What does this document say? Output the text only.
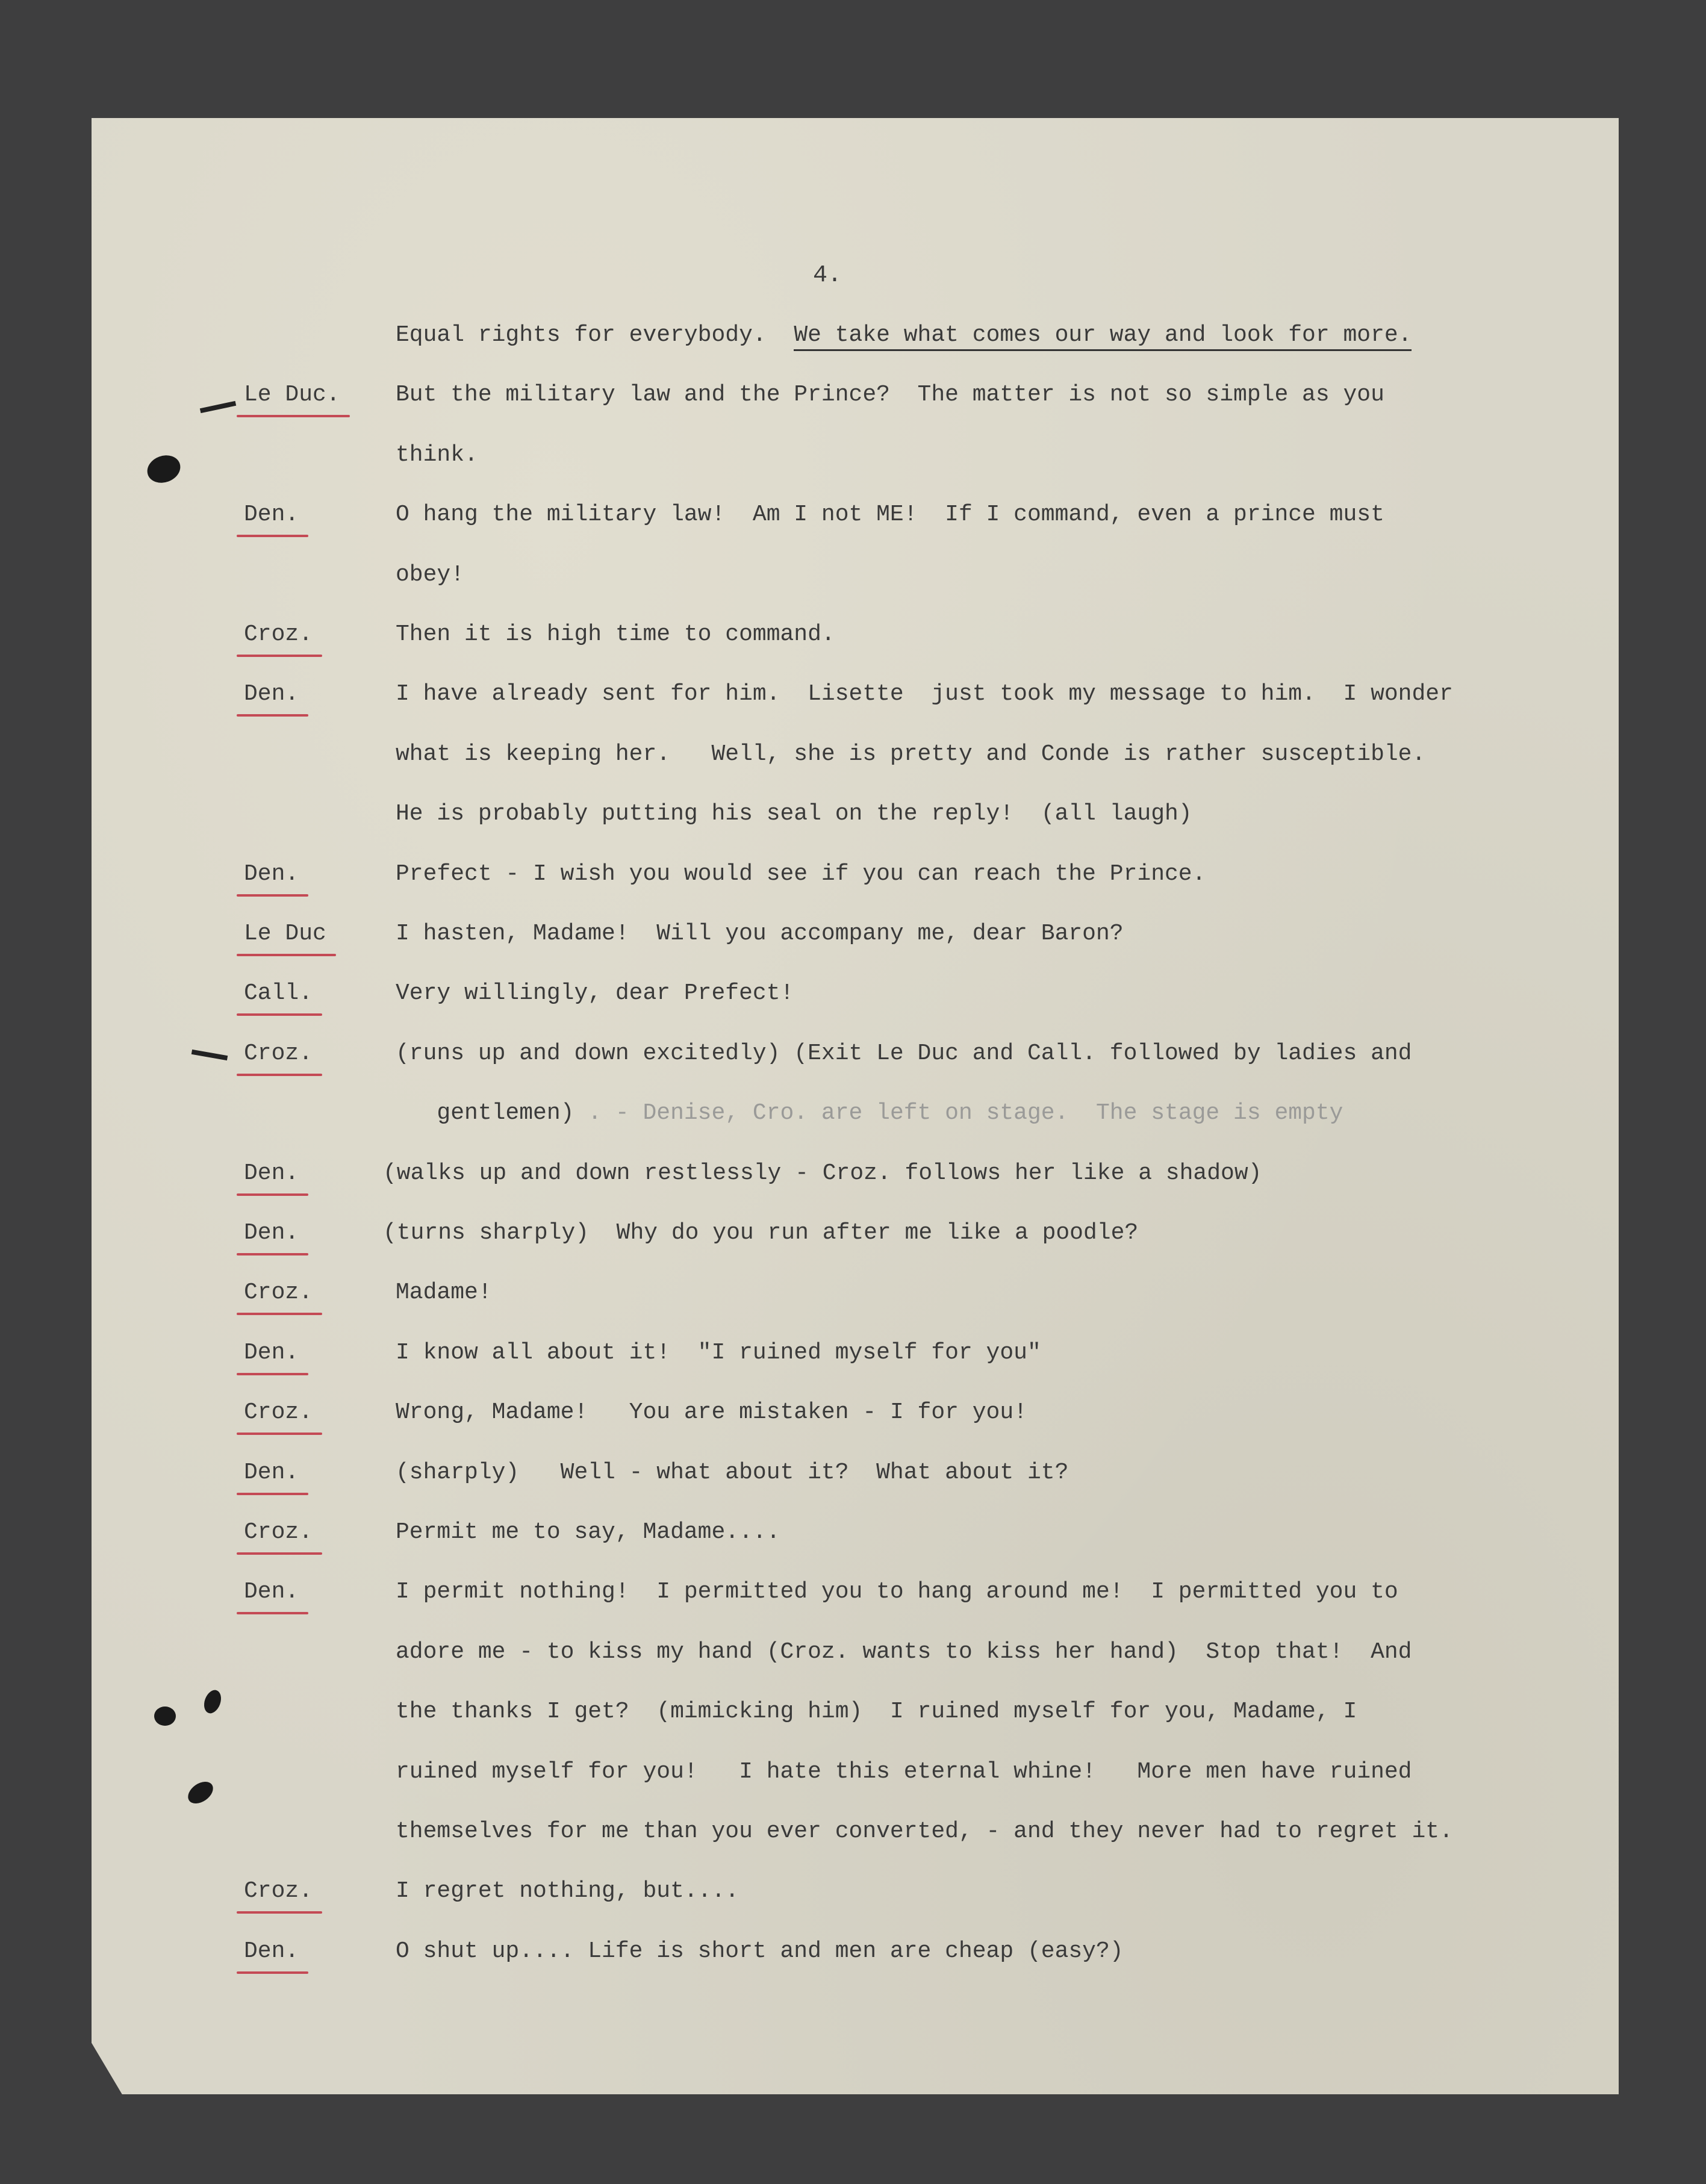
4.
Equal rights for everybody.  We take what comes our way and look for more.
Le Duc. But the military law and the Prince?  The matter is not so simple as you
think.
Den.	O hang the military law!  Am I not ME!  If I command, even a prince must
obey!
Croz.	Then it is high time to command.
Den.	I have already sent for him.  Lisette  just took my message to him.  I wonder
what is keeping her.   Well, she is pretty and Conde is rather susceptible.
He is probably putting his seal on the reply!  (all laugh)
Den.	Prefect - I wish you would see if you can reach the Prince.
Le Duc	I hasten, Madame!  Will you accompany me, dear Baron?
Call.	Very willingly, dear Prefect!
Croz.	(runs up and down excitedly) (Exit Le Duc and Call. followed by ladies and
gentlemen) . - Denise, Cro. are left on stage.  The stage is empty
Den.	(walks up and down restlessly - Croz. follows her like a shadow)
Den.	(turns sharply)  Why do you run after me like a poodle?
Croz.	Madame!
Den.	I know all about it!  "I ruined myself for you"
Croz.	Wrong, Madame!   You are mistaken - I for you!
Den.	(sharply)   Well - what about it?  What about it?
Croz.	Permit me to say, Madame....
Den.	I permit nothing!  I permitted you to hang around me!  I permitted you to
adore me - to kiss my hand (Croz. wants to kiss her hand)  Stop that!  And
the thanks I get?  (mimicking him)  I ruined myself for you, Madame, I
ruined myself for you!   I hate this eternal whine!   More men have ruined
themselves for me than you ever converted, - and they never had to regret it.
Croz.	I regret nothing, but....
Den.	O shut up.... Life is short and men are cheap (easy?)
